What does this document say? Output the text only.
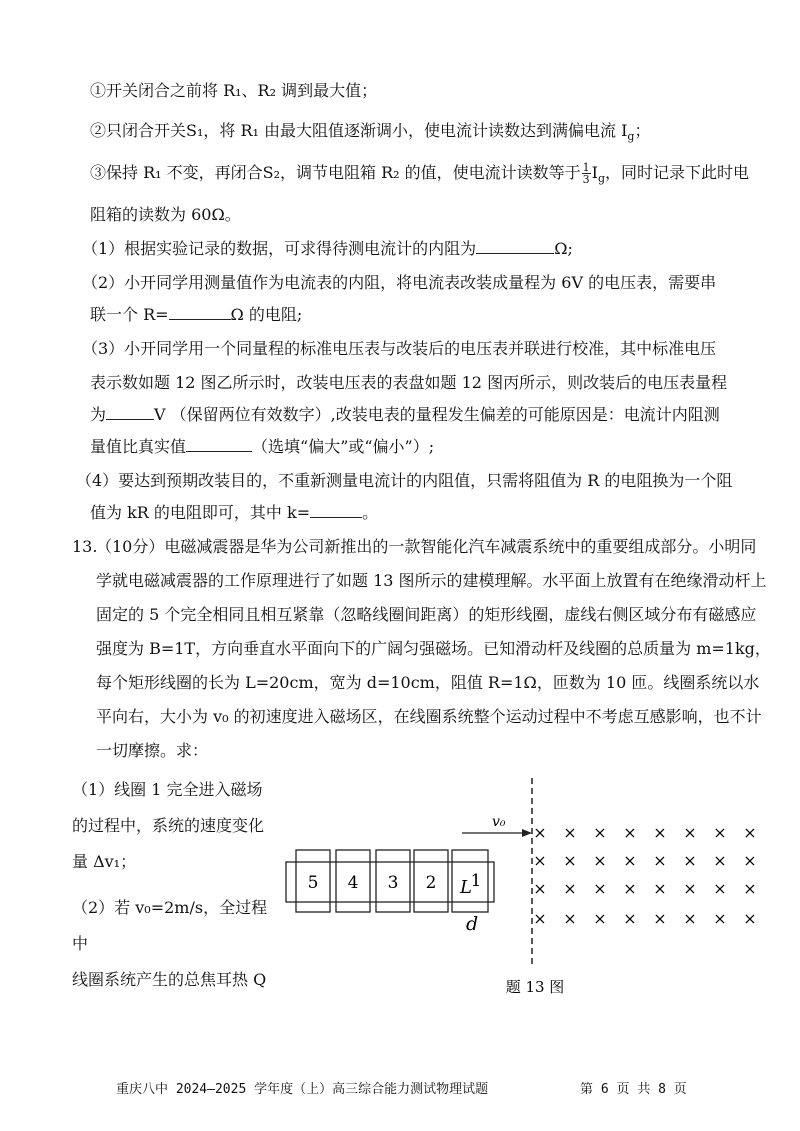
①开关闭合之前将 R₁、R₂ 调到最大值；
②只闭合开关S₁，将 R₁ 由最大阻值逐渐调小，使电流计读数达到满偏电流 $I_g$；
③保持 R₁ 不变，再闭合S₂，调节电阻箱 R₂ 的值，使电流计读数等于 $\frac{1}{3} I_g$，同时记录下此时电
阻箱的读数为 60Ω。
（1）根据实验记录的数据，可求得待测电流计的内阻为	Ω;
（2）小开同学用测量值作为电流表的内阻，将电流表改装成量程为 6V 的电压表，需要串
联一个 R=	Ω 的电阻;
（3）小开同学用一个同量程的标准电压表与改装后的电压表并联进行校准，其中标准电压
表示数如题 12 图乙所示时，改装电压表的表盘如题 12 图丙所示，则改装后的电压表量程
为	V （保留两位有效数字）,改装电表的量程发生偏差的可能原因是：电流计内阻测
量值比真实值	（选填“偏大”或“偏小”）;
（4）要达到预期改装目的，不重新测量电流计的内阻值，只需将阻值为 R 的电阻换为一个阻
值为 kR 的电阻即可，其中 k=	。
13.
（10分）电磁减震器是华为公司新推出的一款智能化汽车减震系统中的重要组成部分。小明同学就电磁减震器的工作原理进行了如题 13 图所示的建模理解。水平面上放置有在绝缘滑动杆上固定的 5 个完全相同且相互紧靠（忽略线圈间距离）的矩形线圈，虚线右侧区域分布有磁感应强度为 B=1T，方向垂直水平面向下的广阔匀强磁场。已知滑动杆及线圈的总质量为 m=1kg，每个矩形线圈的长为 L=20cm，宽为 d=10cm，阻值 R=1Ω，匝数为 10 匝。线圈系统以水平向右，大小为 v₀ 的初速度进入磁场区，在线圈系统整个运动过程中不考虑互感影响，也不计一切摩擦。求：
（1）线圈 1 完全进入磁场
的过程中，系统的速度变化
量 Δv₁；
（2）若 v₀=2m/s，全过程中
线圈系统产生的总焦耳热 Q
5 4 3 2 1
L
d
v₀
× × × × × × × ×
× × × × × × × ×
× × × × × × × ×
× × × × × × × ×
题 13 图
重庆八中 2024—2025 学年度（上）高三综合能力测试物理试题	第 6 页 共 8 页
